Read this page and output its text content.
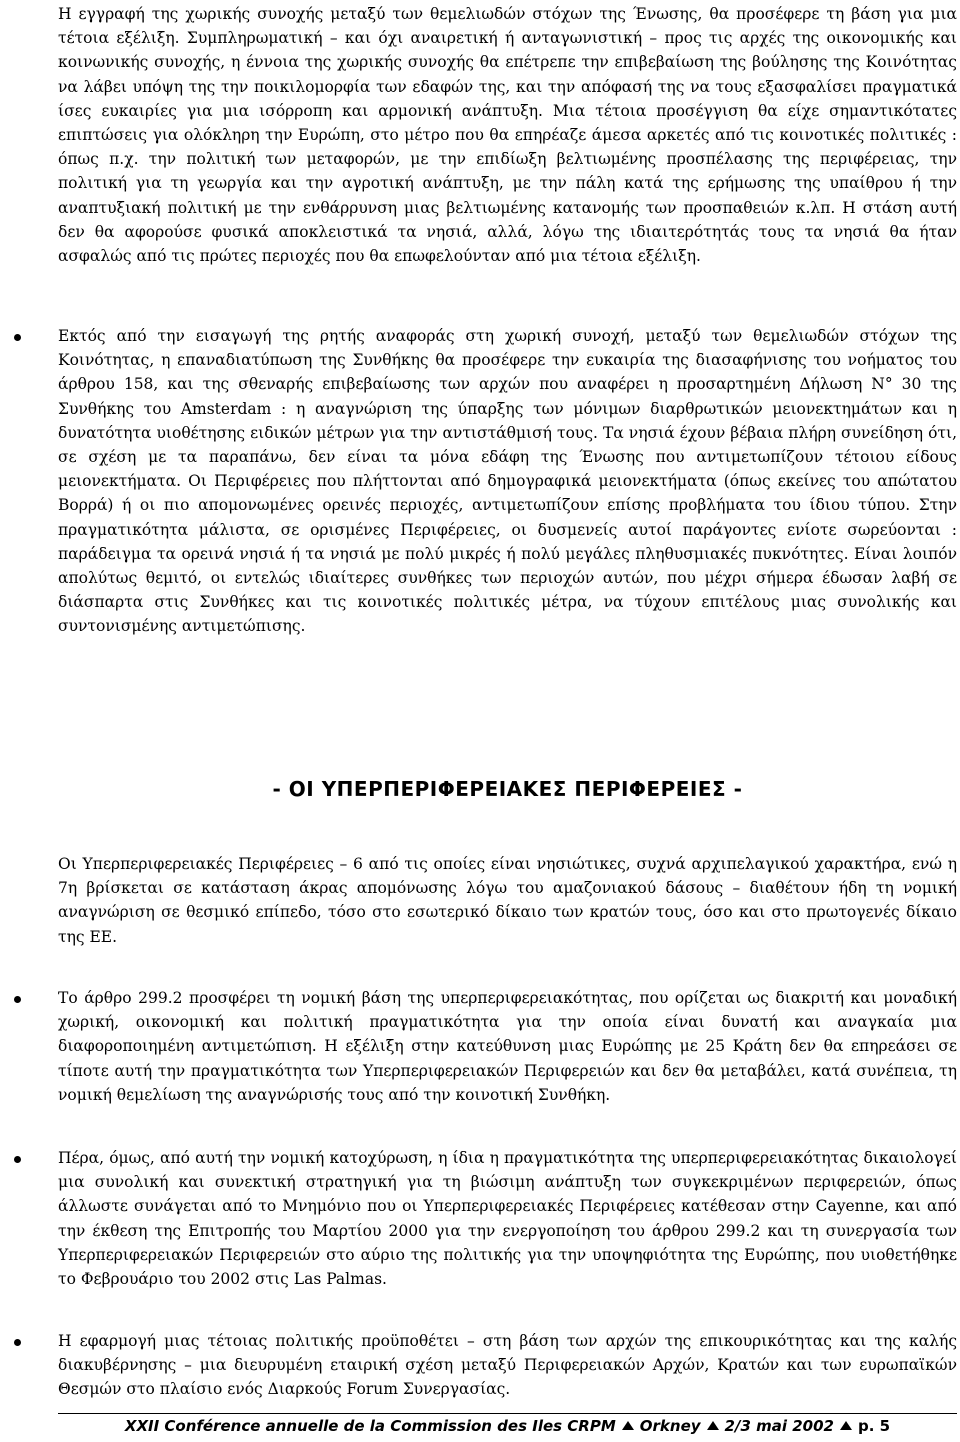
Η εγγραφή της χωρικής συνοχής μεταξύ των θεμελιωδών στόχων της Ένωσης, θα προσέφερε τη βάση για μια τέτοια εξέλιξη. Συμπληρωματική – και όχι αναιρετική ή ανταγωνιστική – προς τις αρχές της οικονομικής και κοινωνικής συνοχής, η έννοια της χωρικής συνοχής θα επέτρεπε την επιβεβαίωση της βούλησης της Κοινότητας να λάβει υπόψη της την ποικιλομορφία των εδαφών της, και την απόφασή της να τους εξασφαλίσει πραγματικά ίσες ευκαιρίες για μια ισόρροπη και αρμονική ανάπτυξη. Μια τέτοια προσέγγιση θα είχε σημαντικότατες επιπτώσεις για ολόκληρη την Ευρώπη, στο μέτρο που θα επηρέαζε άμεσα αρκετές από τις κοινοτικές πολιτικές : όπως π.χ. την πολιτική των μεταφορών, με την επιδίωξη βελτιωμένης προσπέλασης της περιφέρειας, την πολιτική για τη γεωργία και την αγροτική ανάπτυξη, με την πάλη κατά της ερήμωσης της υπαίθρου ή την αναπτυξιακή πολιτική με την ενθάρρυνση μιας βελτιωμένης κατανομής των προσπαθειών κ.λπ. Η στάση αυτή δεν θα αφορούσε φυσικά αποκλειστικά τα νησιά, αλλά, λόγω της ιδιαιτερότητάς τους τα νησιά θα ήταν ασφαλώς από τις πρώτες περιοχές που θα επωφελούνταν από μια τέτοια εξέλιξη.

Εκτός από την εισαγωγή της ρητής αναφοράς στη χωρική συνοχή, μεταξύ των θεμελιωδών στόχων της Κοινότητας, η επαναδιατύπωση της Συνθήκης θα προσέφερε την ευκαιρία της διασαφήνισης του νοήματος του άρθρου 158, και της σθεναρής επιβεβαίωσης των αρχών που αναφέρει η προσαρτημένη Δήλωση N° 30 της Συνθήκης του Amsterdam : η αναγνώριση της ύπαρξης των μόνιμων διαρθρωτικών μειονεκτημάτων και η δυνατότητα υιοθέτησης ειδικών μέτρων για την αντιστάθμισή τους. Τα νησιά έχουν βέβαια πλήρη συνείδηση ότι, σε σχέση με τα παραπάνω, δεν είναι τα μόνα εδάφη της Ένωσης που αντιμετωπίζουν τέτοιου είδους μειονεκτήματα. Οι Περιφέρειες που πλήττονται από δημογραφικά μειονεκτήματα (όπως εκείνες του απώτατου Βορρά) ή οι πιο απομονωμένες ορεινές περιοχές, αντιμετωπίζουν επίσης προβλήματα του ίδιου τύπου. Στην πραγματικότητα μάλιστα, σε ορισμένες Περιφέρειες, οι δυσμενείς αυτοί παράγοντες ενίοτε σωρεύονται : παράδειγμα τα ορεινά νησιά ή τα νησιά με πολύ μικρές ή πολύ μεγάλες πληθυσμιακές πυκνότητες. Είναι λοιπόν απολύτως θεμιτό, οι εντελώς ιδιαίτερες συνθήκες των περιοχών αυτών, που μέχρι σήμερα έδωσαν λαβή σε διάσπαρτα στις Συνθήκες και τις κοινοτικές πολιτικές μέτρα, να τύχουν επιτέλους μιας συνολικής και συντονισμένης αντιμετώπισης.

- ΟΙ ΥΠΕΡΠΕΡΙΦΕΡΕΙΑΚΕΣ ΠΕΡΙΦΕΡΕΙΕΣ -

Οι Υπερπεριφερειακές Περιφέρειες – 6 από τις οποίες είναι νησιώτικες, συχνά αρχιπελαγικού χαρακτήρα, ενώ η 7η βρίσκεται σε κατάσταση άκρας απομόνωσης λόγω του αμαζονιακού δάσους – διαθέτουν ήδη τη νομική αναγνώριση σε θεσμικό επίπεδο, τόσο στο εσωτερικό δίκαιο των κρατών τους, όσο και στο πρωτογενές δίκαιο της ΕΕ.

Το άρθρο 299.2 προσφέρει τη νομική βάση της υπερπεριφερειακότητας, που ορίζεται ως διακριτή και μοναδική χωρική, οικονομική και πολιτική πραγματικότητα για την οποία είναι δυνατή και αναγκαία μια διαφοροποιημένη αντιμετώπιση. Η εξέλιξη στην κατεύθυνση μιας Ευρώπης με 25 Κράτη δεν θα επηρεάσει σε τίποτε αυτή την πραγματικότητα των Υπερπεριφερειακών Περιφερειών και δεν θα μεταβάλει, κατά συνέπεια, τη νομική θεμελίωση της αναγνώρισής τους από την κοινοτική Συνθήκη.

Πέρα, όμως, από αυτή την νομική κατοχύρωση, η ίδια η πραγματικότητα της υπερπεριφερειακότητας δικαιολογεί μια συνολική και συνεκτική στρατηγική για τη βιώσιμη ανάπτυξη των συγκεκριμένων περιφερειών, όπως άλλωστε συνάγεται από το Μνημόνιο που οι Υπερπεριφερειακές Περιφέρειες κατέθεσαν στην Cayenne, και από την έκθεση της Επιτροπής του Μαρτίου 2000 για την ενεργοποίηση του άρθρου 299.2 και τη συνεργασία των Υπερπεριφερειακών Περιφερειών στο αύριο της πολιτικής για την υποψηφιότητα της Ευρώπης, που υιοθετήθηκε το Φεβρουάριο του 2002 στις Las Palmas.

Η εφαρμογή μιας τέτοιας πολιτικής προϋποθέτει – στη βάση των αρχών της επικουρικότητας και της καλής διακυβέρνησης – μια διευρυμένη εταιρική σχέση μεταξύ Περιφερειακών Αρχών, Κρατών και των ευρωπαϊκών Θεσμών στο πλαίσιο ενός Διαρκούς Forum Συνεργασίας.

XXII Conférence annuelle de la Commission des Iles CRPM Orkney 2/3 mai 2002 p. 5
